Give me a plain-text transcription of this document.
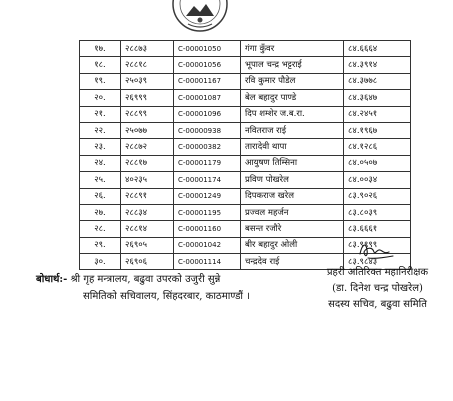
१७.	२८८७३	C-00001050	गंगा कुँवर	८४.६६६४
१८.	२८८१८	C-00001056	भूपाल चन्द्र भट्टराई	८४.३९१४
१९.	२५०३९	C-00001167	रवि कुमार पौडेल	८४.३७७८
२०.	२६९९९	C-00001087	बेल बहादुर पाण्डे	८४.३६४७
२१.	२८८९९	C-00001096	दिप शम्शेर ज.ब.रा.	८४.२४५१
२२.	२५०७७	C-00000938	नवितराज राई	८४.१९६७
२३.	२८८७२	C-00000382	तारादेवी थापा	८४.१२८६
२४.	२८८१७	C-00001179	आयुषण तिम्सिना	८४.०५०७
२५.	४०२३५	C-00001174	प्रविण पोखरेल	८४.००३४
२६.	२८८९१	C-00001249	दिपकराज खरेल	८३.९०२६
२७.	२८८३४	C-00001195	प्रज्वल महर्जन	८३.८०३९
२८.	२८८१४	C-00001160	बसन्त रजौरे	८३.६६६१
२९.	२६९०५	C-00001042	बीर बहादुर ओली	८३.९९९९
३०.	२६९०६	C-00001114	चन्द्रदेव राई	८३.९८४३
प्रहरी अतिरिक्त महानिरीक्षक
(डा. दिनेश चन्द्र पोखरेल)
सदस्य सचिव, बढुवा समिति
बोधार्थ:- श्री गृह मन्त्रालय, बढुवा उपरको उजुरी सुन्ने
समितिको सचिवालय, सिंहदरबार, काठमाण्डौं ।
